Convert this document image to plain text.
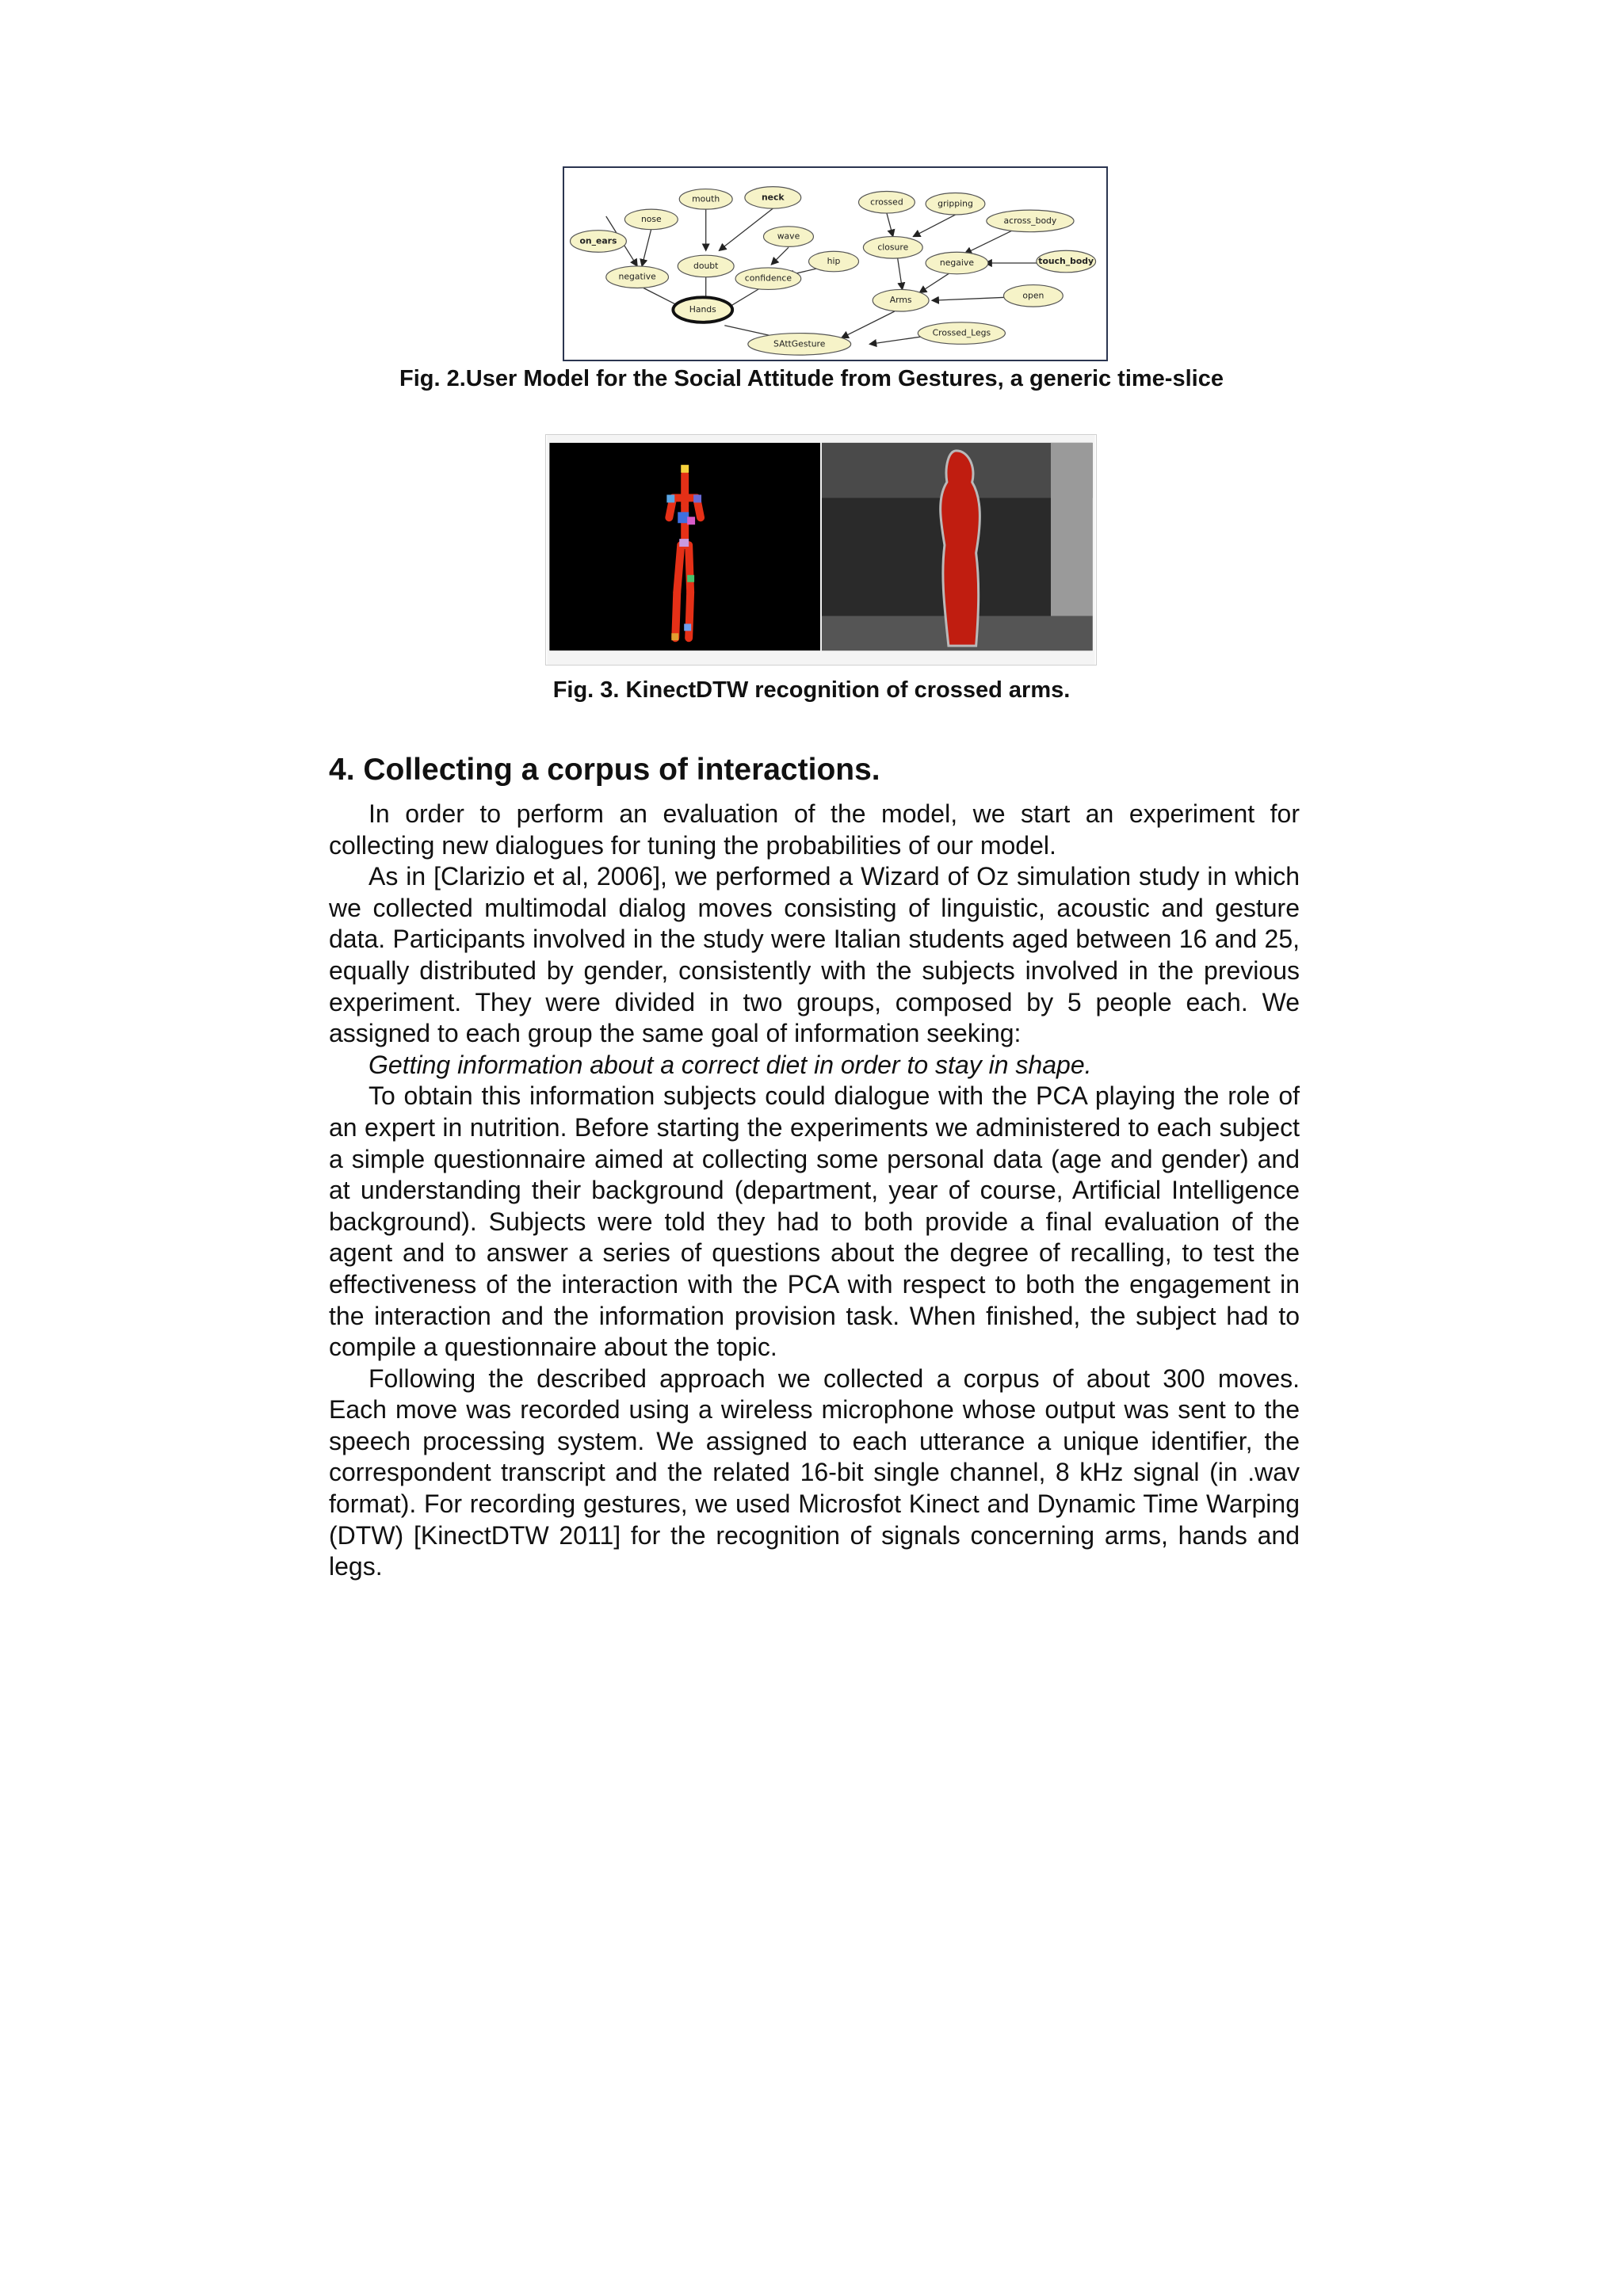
mouth	neck
nose
wave
on_ears
doubt	hip
negative	confidence
Hands
crossed	gripping
across_body
closure
negaive	touch_body
Arms	open
Crossed_Legs
SAttGesture
Fig. 2.User Model for the Social Attitude from Gestures, a generic time-slice
Fig. 3. KinectDTW recognition of crossed arms.
4. Collecting a corpus of interactions.

In order to perform an evaluation of the model, we start an experiment for collecting new dialogues for tuning the probabilities of our model.

As in [Clarizio et al, 2006], we performed a Wizard of Oz simulation study in which we collected multimodal dialog moves consisting of linguistic, acoustic and gesture data. Participants involved in the study were Italian students aged between 16 and 25, equally distributed by gender, consistently with the subjects involved in the previous experiment. They were divided in two groups, composed by 5 people each. We assigned to each group the same goal of information seeking:

Getting information about a correct diet in order to stay in shape.

To obtain this information subjects could dialogue with the PCA playing the role of an expert in nutrition. Before starting the experiments we administered to each subject a simple questionnaire aimed at collecting some personal data (age and gender) and at understanding their background (department, year of course, Artificial Intelligence background). Subjects were told they had to both provide a final evaluation of the agent and to answer a series of questions about the degree of recalling, to test the effectiveness of the interaction with the PCA with respect to both the engagement in the interaction and the information provision task. When finished, the subject had to compile a questionnaire about the topic.

Following the described approach we collected a corpus of about 300 moves. Each move was recorded using a wireless microphone whose output was sent to the speech processing system. We assigned to each utterance a unique identifier, the correspondent transcript and the related 16-bit single channel, 8 kHz signal (in .wav format). For recording gestures, we used Microsfot Kinect and Dynamic Time Warping (DTW) [KinectDTW 2011] for the recognition of signals concerning arms, hands and legs.
